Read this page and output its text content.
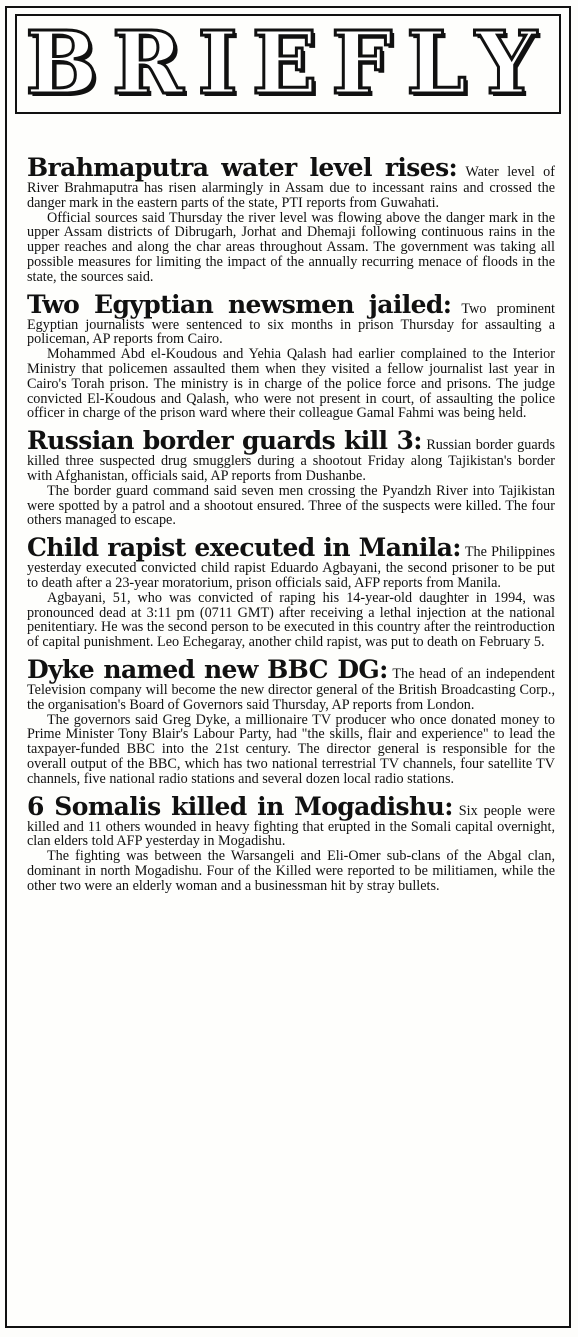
BRIEFLY

Brahmaputra water level rises: Water level of River Brahmaputra has risen alarmingly in Assam due to incessant rains and crossed the danger mark in the eastern parts of the state, PTI reports from Guwahati.

Official sources said Thursday the river level was flowing above the danger mark in the upper Assam districts of Dibrugarh, Jorhat and Dhemaji following continuous rains in the upper reaches and along the char areas throughout Assam. The government was taking all possible measures for limiting the impact of the annually recurring menace of floods in the state, the sources said.

Two Egyptian newsmen jailed: Two prominent Egyptian journalists were sentenced to six months in prison Thursday for assaulting a policeman, AP reports from Cairo.

Mohammed Abd el-Koudous and Yehia Qalash had earlier complained to the Interior Ministry that policemen assaulted them when they visited a fellow journalist last year in Cairo's Torah prison. The ministry is in charge of the police force and prisons. The judge convicted El-Koudous and Qalash, who were not present in court, of assaulting the police officer in charge of the prison ward where their colleague Gamal Fahmi was being held.

Russian border guards kill 3: Russian border guards killed three suspected drug smugglers during a shootout Friday along Tajikistan's border with Afghanistan, officials said, AP reports from Dushanbe.

The border guard command said seven men crossing the Pyandzh River into Tajikistan were spotted by a patrol and a shootout ensured. Three of the suspects were killed. The four others managed to escape.

Child rapist executed in Manila: The Philippines yesterday executed convicted child rapist Eduardo Agbayani, the second prisoner to be put to death after a 23-year moratorium, prison officials said, AFP reports from Manila.

Agbayani, 51, who was convicted of raping his 14-year-old daughter in 1994, was pronounced dead at 3:11 pm (0711 GMT) after receiving a lethal injection at the national penitentiary. He was the second person to be executed in this country after the reintroduction of capital punishment. Leo Echegaray, another child rapist, was put to death on February 5.

Dyke named new BBC DG: The head of an independent Television company will become the new director general of the British Broadcasting Corp., the organisation's Board of Governors said Thursday, AP reports from London.

The governors said Greg Dyke, a millionaire TV producer who once donated money to Prime Minister Tony Blair's Labour Party, had "the skills, flair and experience" to lead the taxpayer-funded BBC into the 21st century. The director general is responsible for the overall output of the BBC, which has two national terrestrial TV channels, four satellite TV channels, five national radio stations and several dozen local radio stations.

6 Somalis killed in Mogadishu: Six people were killed and 11 others wounded in heavy fighting that erupted in the Somali capital overnight, clan elders told AFP yesterday in Mogadishu.

The fighting was between the Warsangeli and Eli-Omer sub-clans of the Abgal clan, dominant in north Mogadishu. Four of the Killed were reported to be militiamen, while the other two were an elderly woman and a businessman hit by stray bullets.
